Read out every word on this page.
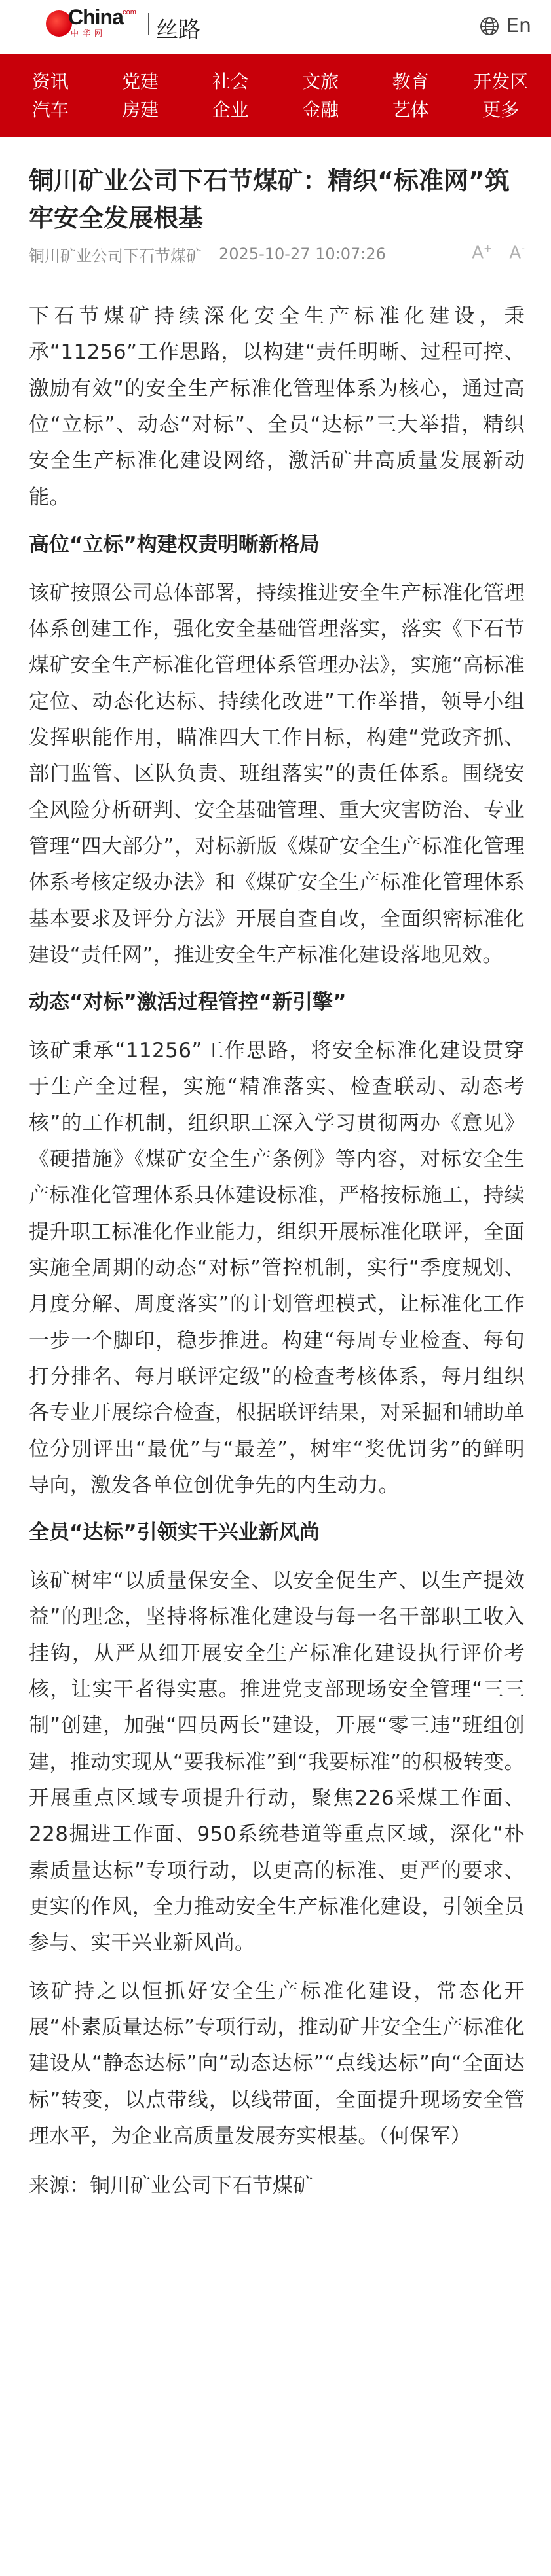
China
中华网
.com
丝路	En
资讯
汽车
党建
房建
社会
企业
文旅
金融
教育
艺体
开发区
更多
铜川矿业公司下石节煤矿：精织“标准网”筑牢安全发展根基
铜川矿业公司下石节煤矿 2025-10-27 10:07:26	A+ A-

下石节煤矿持续深化安全生产标准化建设，秉承“11256”工作思路，以构建“责任明晰、过程可控、激励有效”的安全生产标准化管理体系为核心，通过高位“立标”、动态“对标”、全员“达标”三大举措，精织安全生产标准化建设网络，激活矿井高质量发展新动能。

高位“立标”构建权责明晰新格局

该矿按照公司总体部署，持续推进安全生产标准化管理体系创建工作，强化安全基础管理落实，落实《下石节煤矿安全生产标准化管理体系管理办法》，实施“高标准定位、动态化达标、持续化改进”工作举措，领导小组发挥职能作用，瞄准四大工作目标，构建“党政齐抓、部门监管、区队负责、班组落实”的责任体系。围绕安全风险分析研判、安全基础管理、重大灾害防治、专业管理“四大部分”，对标新版《煤矿安全生产标准化管理体系考核定级办法》和《煤矿安全生产标准化管理体系基本要求及评分方法》开展自查自改，全面织密标准化建设“责任网”，推进安全生产标准化建设落地见效。

动态“对标”激活过程管控“新引擎”

该矿秉承“11256”工作思路，将安全标准化建设贯穿于生产全过程，实施“精准落实、检查联动、动态考核”的工作机制，组织职工深入学习贯彻两办《意见》《硬措施》《煤矿安全生产条例》等内容，对标安全生产标准化管理体系具体建设标准，严格按标施工，持续提升职工标准化作业能力，组织开展标准化联评，全面实施全周期的动态“对标”管控机制，实行“季度规划、月度分解、周度落实”的计划管理模式，让标准化工作一步一个脚印，稳步推进。构建“每周专业检查、每旬打分排名、每月联评定级”的检查考核体系，每月组织各专业开展综合检查，根据联评结果，对采掘和辅助单位分别评出“最优”与“最差”，树牢“奖优罚劣”的鲜明导向，激发各单位创优争先的内生动力。

全员“达标”引领实干兴业新风尚

该矿树牢“以质量保安全、以安全促生产、以生产提效益”的理念，坚持将标准化建设与每一名干部职工收入挂钩，从严从细开展安全生产标准化建设执行评价考核，让实干者得实惠。推进党支部现场安全管理“三三制”创建，加强“四员两长”建设，开展“零三违”班组创建，推动实现从“要我标准”到“我要标准”的积极转变。开展重点区域专项提升行动，聚焦226采煤工作面、228掘进工作面、950系统巷道等重点区域，深化“朴素质量达标”专项行动，以更高的标准、更严的要求、更实的作风，全力推动安全生产标准化建设，引领全员参与、实干兴业新风尚。

该矿持之以恒抓好安全生产标准化建设，常态化开展“朴素质量达标”专项行动，推动矿井安全生产标准化建设从“静态达标”向“动态达标”“点线达标”向“全面达标”转变，以点带线，以线带面，全面提升现场安全管理水平，为企业高质量发展夯实根基。（何保军）

来源：铜川矿业公司下石节煤矿
